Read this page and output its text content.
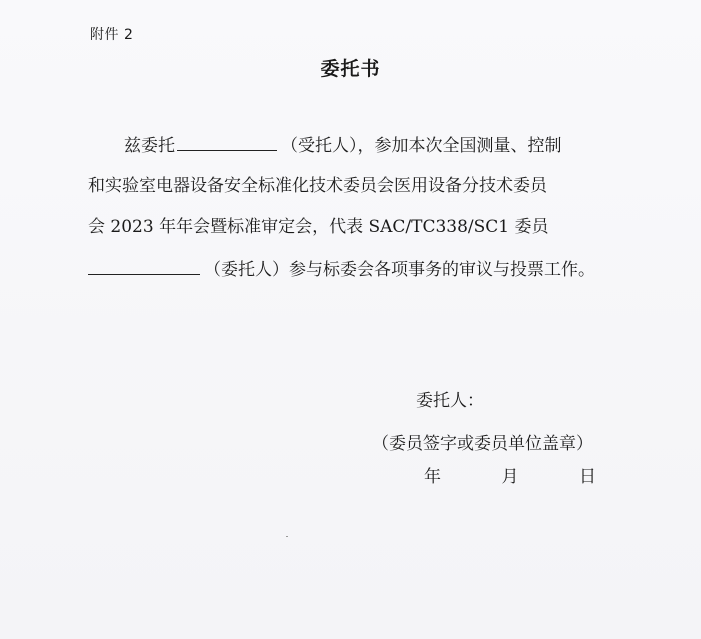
附件 2
委托书
兹委托	（受托人），参加本次全国测量、控制
和实验室电器设备安全标准化技术委员会医用设备分技术委员
会 2023 年年会暨标准审定会，代表 SAC/TC338/SC1 委员
（委托人）参与标委会各项事务的审议与投票工作。
委托人：
（委员签字或委员单位盖章）
年	月	日
